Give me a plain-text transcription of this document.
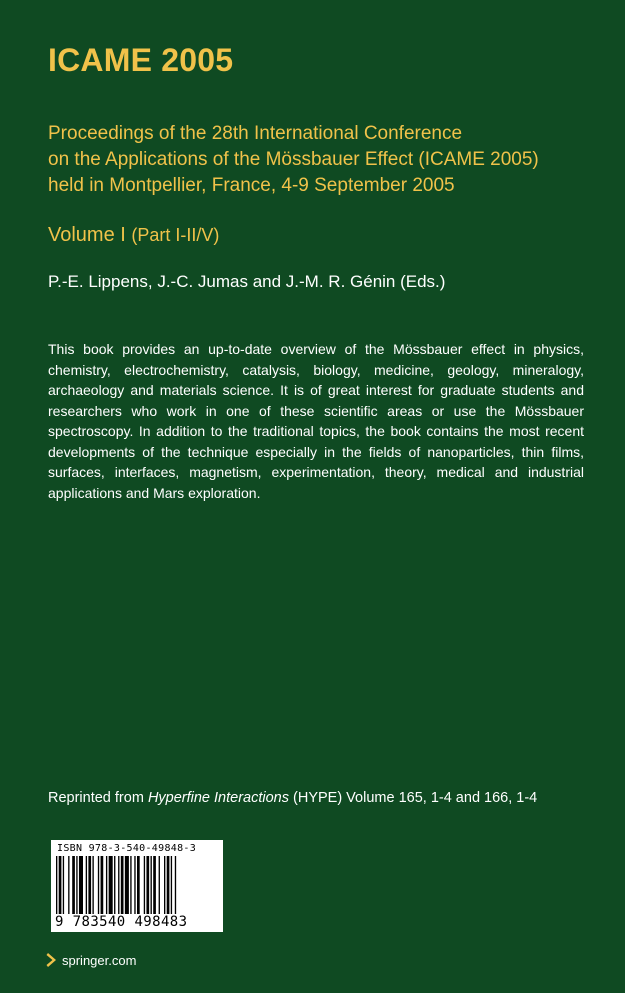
ICAME 2005
Proceedings of the 28th International Conference
on the Applications of the Mössbauer Effect (ICAME 2005)
held in Montpellier, France, 4-9 September 2005
Volume I (Part I-II/V)
P.-E. Lippens, J.-C. Jumas and J.-M. R. Génin (Eds.)
This book provides an up-to-date overview of the Mössbauer effect in physics, chemistry, electrochemistry, catalysis, biology, medicine, geology, mineralogy, archaeology and materials science. It is of great interest for graduate students and researchers who work in one of these scientific areas or use the Mössbauer spectroscopy. In addition to the traditional topics, the book contains the most recent developments of the technique especially in the fields of nanoparticles, thin films, surfaces, interfaces, magnetism, experimentation, theory, medical and industrial applications and Mars exploration.
Reprinted from Hyperfine Interactions (HYPE) Volume 165, 1-4 and 166, 1-4
ISBN 978-3-540-49848-3
9 783540 498483
springer.com
